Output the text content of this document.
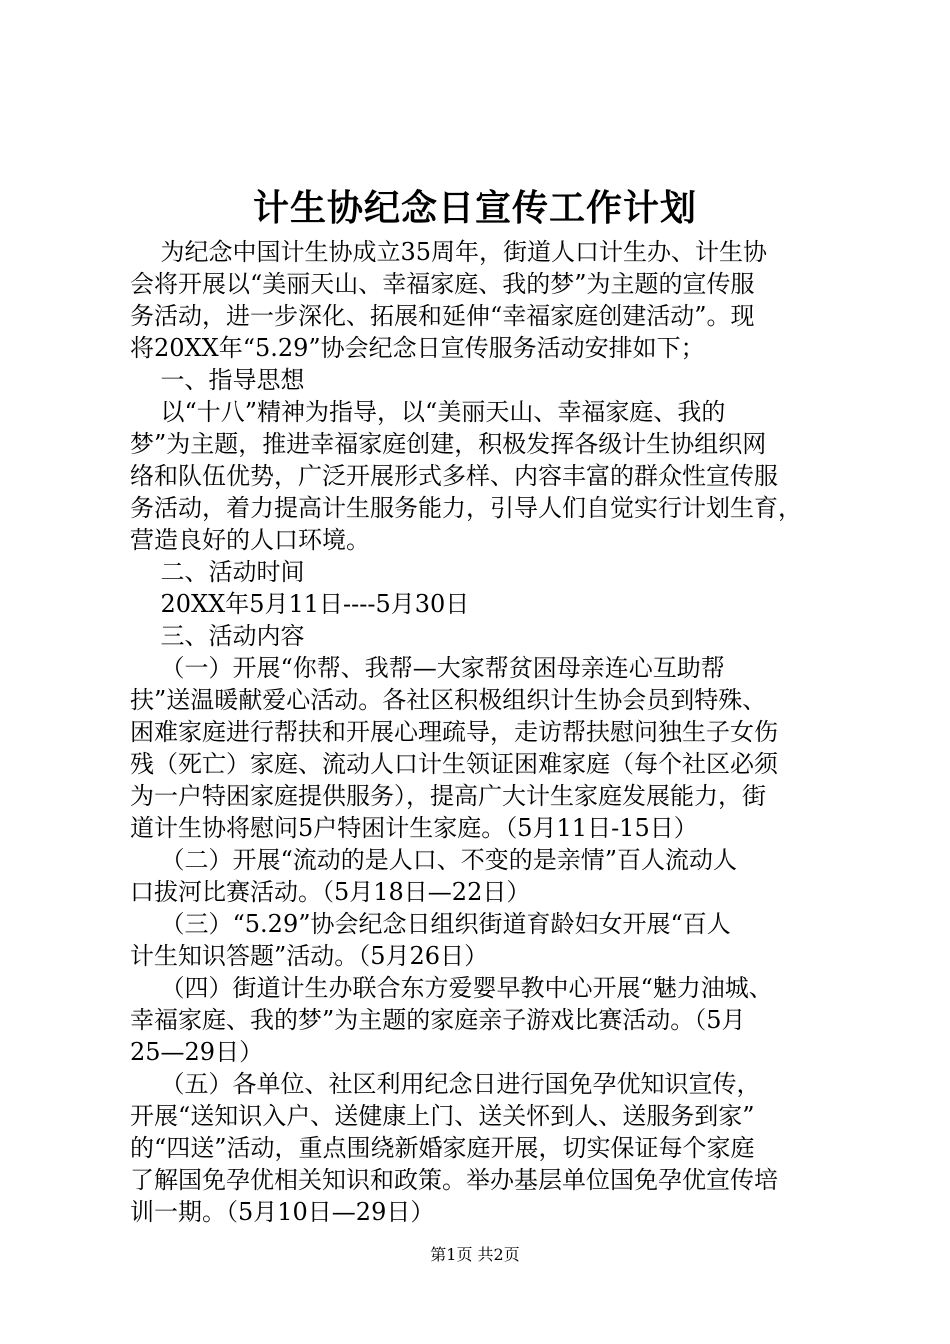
计生协纪念日宣传工作计划
为纪念中国计生协成立35周年，街道人口计生办、计生协
会将开展以“美丽天山、幸福家庭、我的梦”为主题的宣传服
务活动，进一步深化、拓展和延伸“幸福家庭创建活动”。现
将20XX年“5.29”协会纪念日宣传服务活动安排如下；
一、指导思想
以“十八”精神为指导，以“美丽天山、幸福家庭、我的
梦”为主题，推进幸福家庭创建，积极发挥各级计生协组织网
络和队伍优势，广泛开展形式多样、内容丰富的群众性宣传服
务活动，着力提高计生服务能力，引导人们自觉实行计划生育，
营造良好的人口环境。
二、活动时间
20XX年5月11日----5月30日
三、活动内容
（一）开展“你帮、我帮—大家帮贫困母亲连心互助帮
扶”送温暖献爱心活动。各社区积极组织计生协会员到特殊、
困难家庭进行帮扶和开展心理疏导，走访帮扶慰问独生子女伤
残（死亡）家庭、流动人口计生领证困难家庭（每个社区必须
为一户特困家庭提供服务），提高广大计生家庭发展能力，街
道计生协将慰问5户特困计生家庭。（5月11日-15日）
（二）开展“流动的是人口、不变的是亲情”百人流动人
口拔河比赛活动。（5月18日—22日）
（三）“5.29”协会纪念日组织街道育龄妇女开展“百人
计生知识答题”活动。（5月26日）
（四）街道计生办联合东方爱婴早教中心开展“魅力油城、
幸福家庭、我的梦”为主题的家庭亲子游戏比赛活动。（5月
25—29日）
（五）各单位、社区利用纪念日进行国免孕优知识宣传，
开展“送知识入户、送健康上门、送关怀到人、送服务到家”
的“四送”活动，重点围绕新婚家庭开展，切实保证每个家庭
了解国免孕优相关知识和政策。举办基层单位国免孕优宣传培
训一期。（5月10日—29日）
第1页 共2页
